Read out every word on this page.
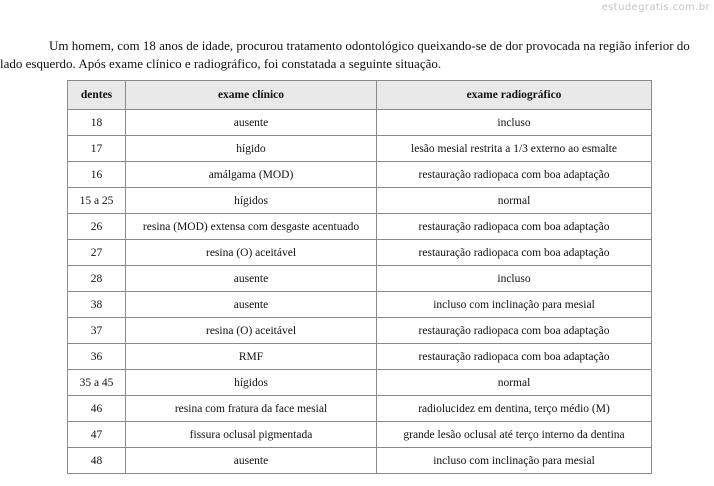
estudegratis.com.br

Um homem, com 18 anos de idade, procurou tratamento odontológico queixando-se de dor provocada na região inferior do
lado esquerdo. Após exame clínico e radiográfico, foi constatada a seguinte situação.

dentes	exame clínico	exame radiográfico
18	ausente	incluso
17	hígido	lesão mesial restrita a 1/3 externo ao esmalte
16	amálgama (MOD)	restauração radiopaca com boa adaptação
15 a 25	hígidos	normal
26	resina (MOD) extensa com desgaste acentuado	restauração radiopaca com boa adaptação
27	resina (O) aceitável	restauração radiopaca com boa adaptação
28	ausente	incluso
38	ausente	incluso com inclinação para mesial
37	resina (O) aceitável	restauração radiopaca com boa adaptação
36	RMF	restauração radiopaca com boa adaptação
35 a 45	hígidos	normal
46	resina com fratura da face mesial	radiolucidez em dentina, terço médio (M)
47	fissura oclusal pigmentada	grande lesão oclusal até terço interno da dentina
48	ausente	incluso com inclinação para mesial
